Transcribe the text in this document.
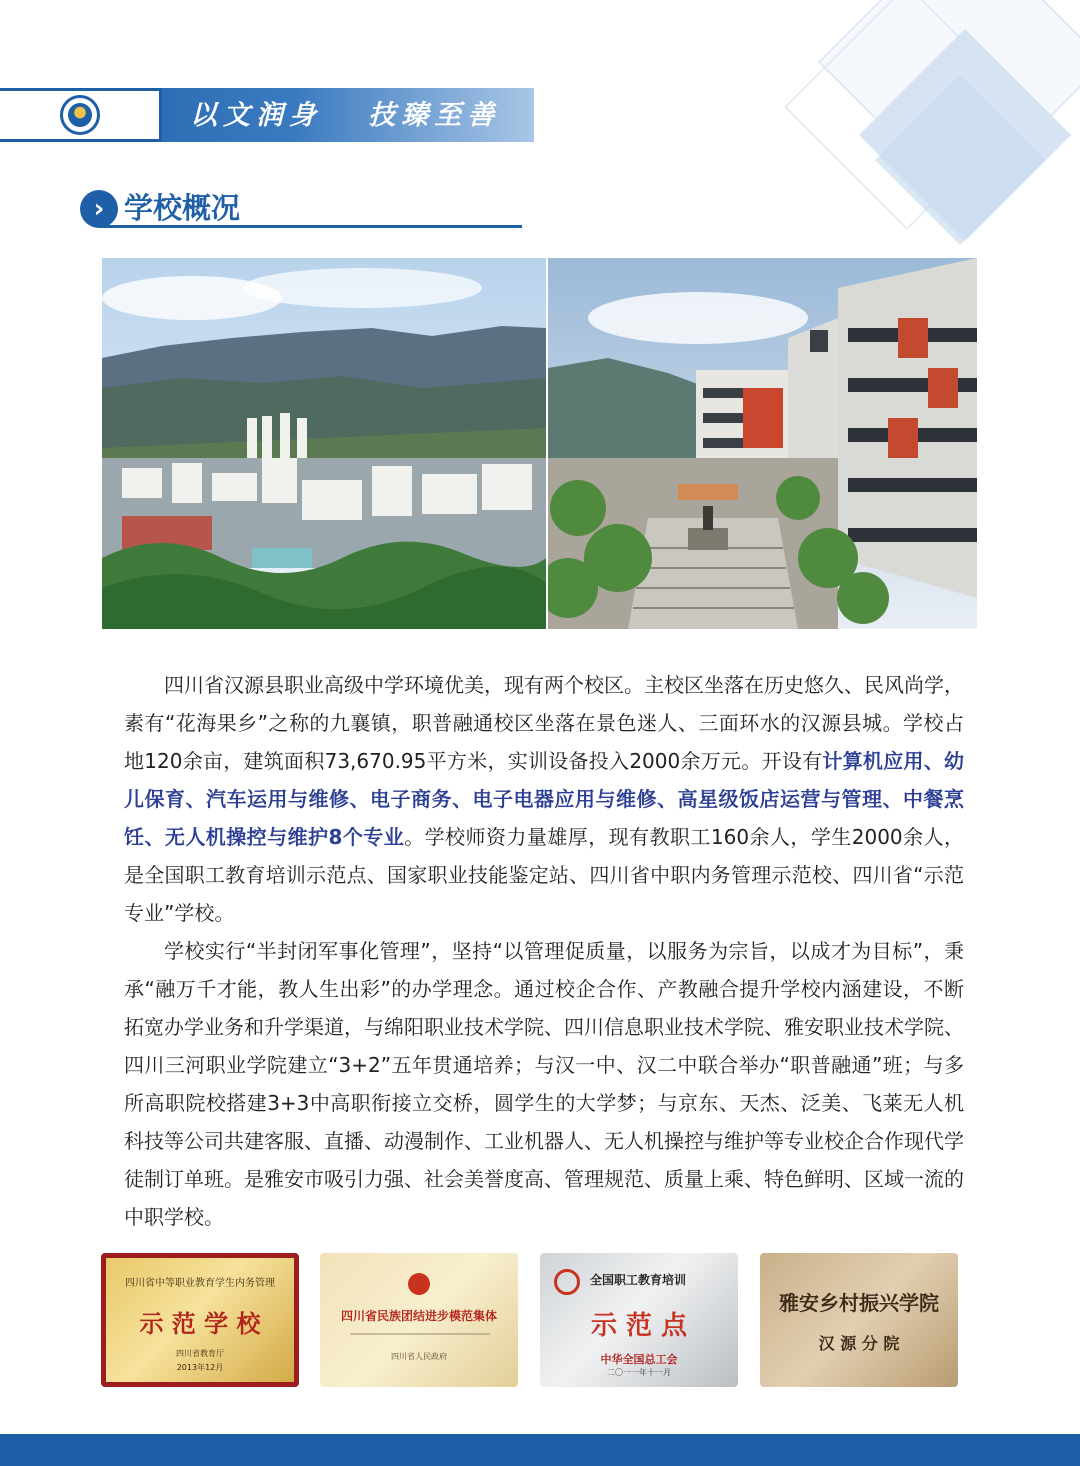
以文润身   技臻至善
› 学校概况

四川省汉源县职业高级中学环境优美，现有两个校区。主校区坐落在历史悠久、民风尚学，素有“花海果乡”之称的九襄镇，职普融通校区坐落在景色迷人、三面环水的汉源县城。学校占地120余亩，建筑面积73,670.95平方米，实训设备投入2000余万元。开设有计算机应用、幼儿保育、汽车运用与维修、电子商务、电子电器应用与维修、高星级饭店运营与管理、中餐烹饪、无人机操控与维护8个专业。学校师资力量雄厚，现有教职工160余人，学生2000余人，是全国职工教育培训示范点、国家职业技能鉴定站、四川省中职内务管理示范校、四川省“示范专业”学校。

学校实行“半封闭军事化管理”，坚持“以管理促质量，以服务为宗旨，以成才为目标”，秉承“融万千才能，教人生出彩”的办学理念。通过校企合作、产教融合提升学校内涵建设，不断拓宽办学业务和升学渠道，与绵阳职业技术学院、四川信息职业技术学院、雅安职业技术学院、四川三河职业学院建立“3+2”五年贯通培养；与汉一中、汉二中联合举办“职普融通”班；与多所高职院校搭建3+3中高职衔接立交桥，圆学生的大学梦；与京东、天杰、泛美、飞莱无人机科技等公司共建客服、直播、动漫制作、工业机器人、无人机操控与维护等专业校企合作现代学徒制订单班。是雅安市吸引力强、社会美誉度高、管理规范、质量上乘、特色鲜明、区域一流的中职学校。

四川省中等职业教育学生内务管理
示 范 学 校
四川省教育厅
2013年12月
四川省民族团结进步模范集体
四川省人民政府
全国职工教育培训
示 范 点
中华全国总工会
二〇一一年十一月
雅安乡村振兴学院
汉 源 分 院
